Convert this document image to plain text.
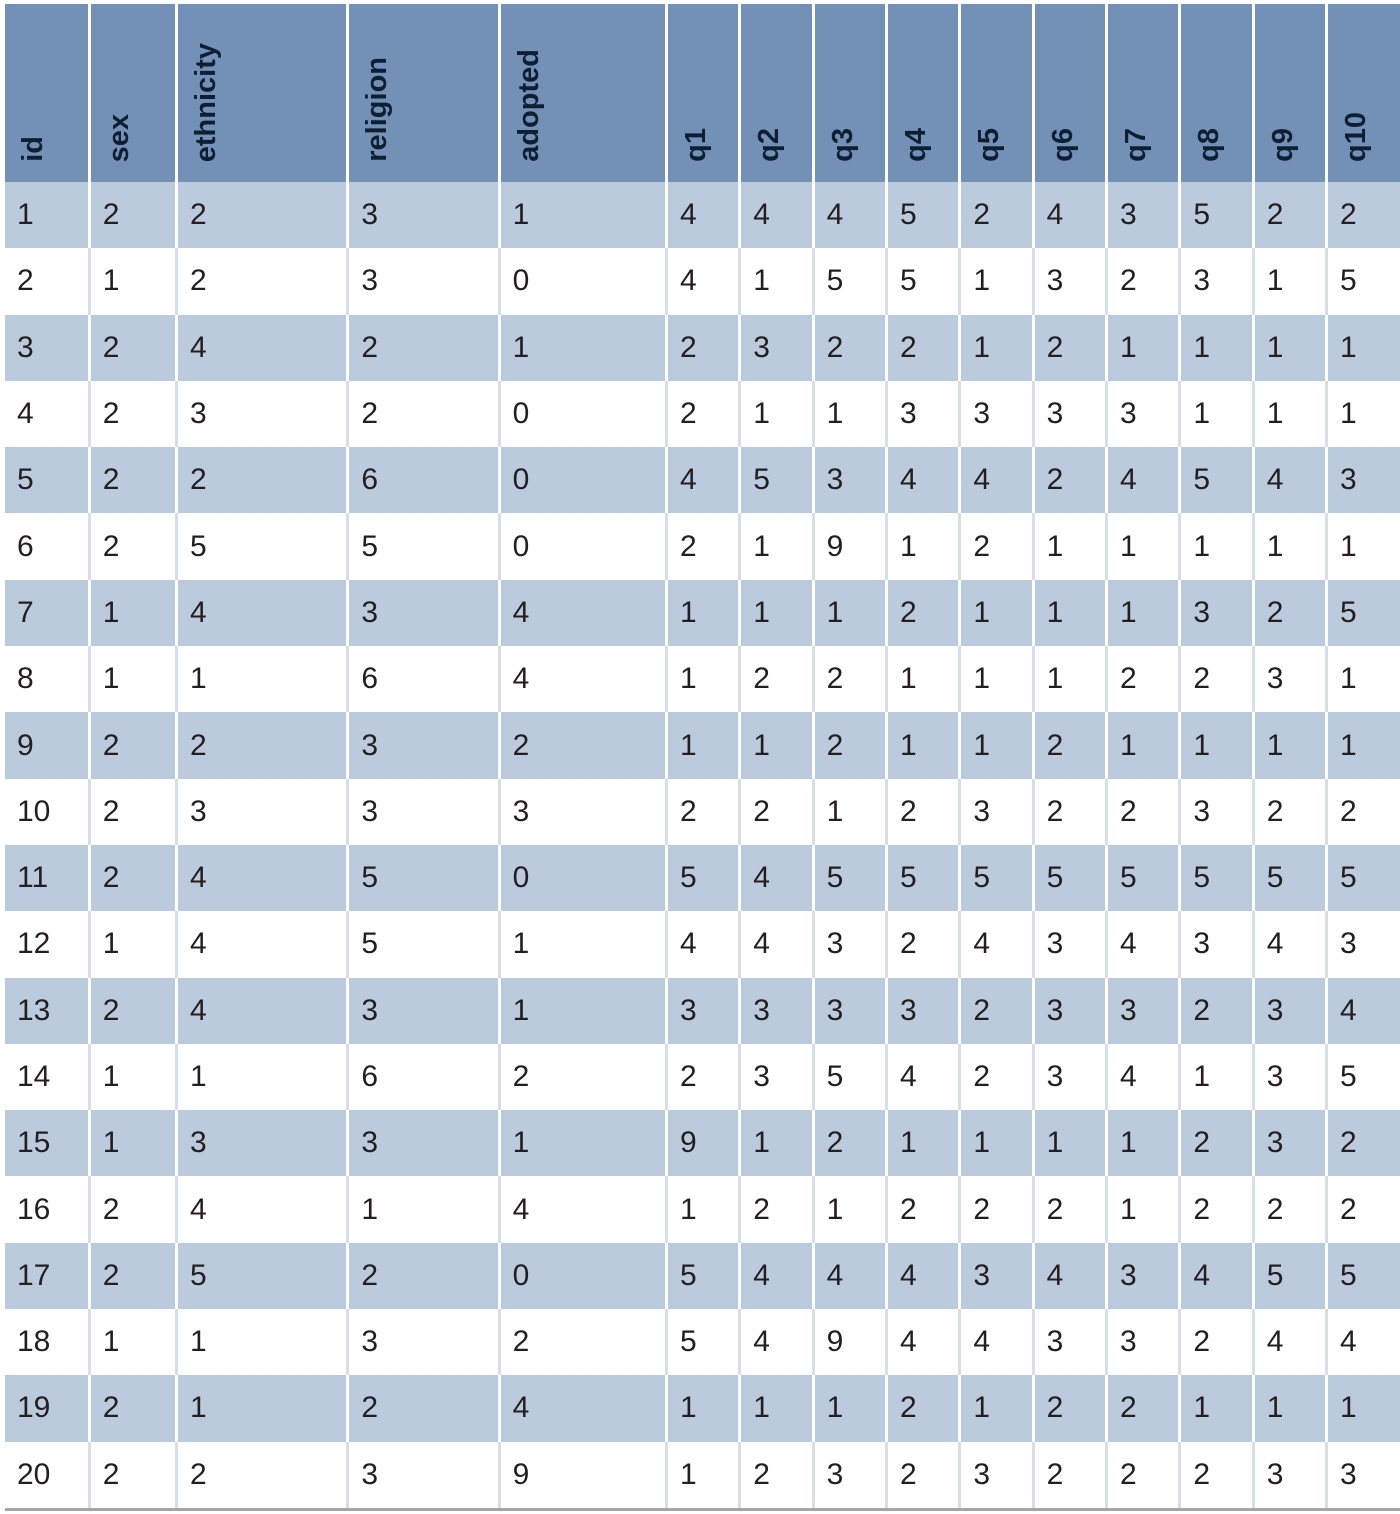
id	sex	ethnicity	religion	adopted	q1	q2	q3	q4	q5	q6	q7	q8	q9	q10

1	2	2	3	1	4	4	4	5	2	4	3	5	2	2
2	1	2	3	0	4	1	5	5	1	3	2	3	1	5
3	2	4	2	1	2	3	2	2	1	2	1	1	1	1
4	2	3	2	0	2	1	1	3	3	3	3	1	1	1
5	2	2	6	0	4	5	3	4	4	2	4	5	4	3
6	2	5	5	0	2	1	9	1	2	1	1	1	1	1
7	1	4	3	4	1	1	1	2	1	1	1	3	2	5
8	1	1	6	4	1	2	2	1	1	1	2	2	3	1
9	2	2	3	2	1	1	2	1	1	2	1	1	1	1
10	2	3	3	3	2	2	1	2	3	2	2	3	2	2
11	2	4	5	0	5	4	5	5	5	5	5	5	5	5
12	1	4	5	1	4	4	3	2	4	3	4	3	4	3
13	2	4	3	1	3	3	3	3	2	3	3	2	3	4
14	1	1	6	2	2	3	5	4	2	3	4	1	3	5
15	1	3	3	1	9	1	2	1	1	1	1	2	3	2
16	2	4	1	4	1	2	1	2	2	2	1	2	2	2
17	2	5	2	0	5	4	4	4	3	4	3	4	5	5
18	1	1	3	2	5	4	9	4	4	3	3	2	4	4
19	2	1	2	4	1	1	1	2	1	2	2	1	1	1
20	2	2	3	9	1	2	3	2	3	2	2	2	3	3
